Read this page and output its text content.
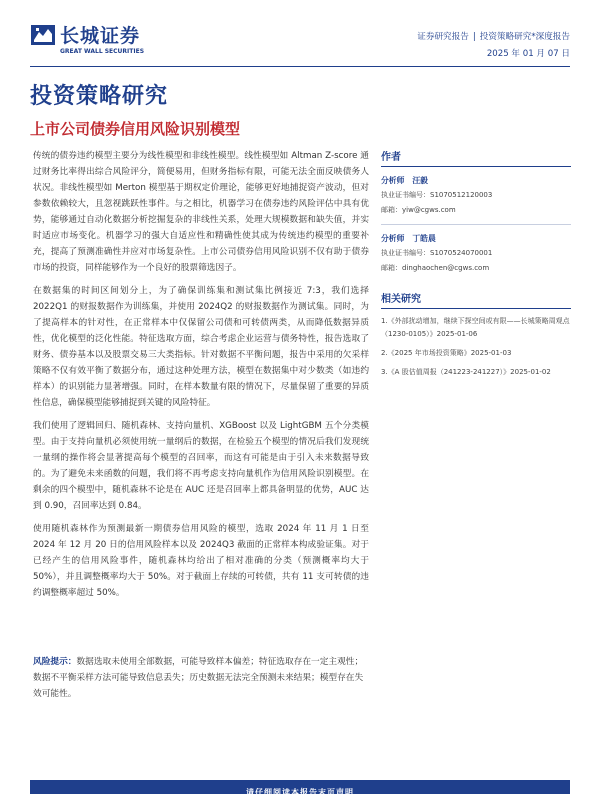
长城证券
GREAT WALL SECURITIES
证券研究报告 | 投资策略研究*深度报告
2025 年 01 月 07 日
投资策略研究
上市公司债券信用风险识别模型

传统的债券违约模型主要分为线性模型和非线性模型。线性模型如 Altman Z-score 通过财务比率得出综合风险评分，简便易用，但财务指标有限，可能无法全面反映债务人状况。非线性模型如 Merton 模型基于期权定价理论，能够更好地捕捉资产波动，但对参数依赖较大，且忽视跳跃性事件。与之相比，机器学习在债券违约风险评估中具有优势，能够通过自动化数据分析挖掘复杂的非线性关系，处理大规模数据和缺失值，并实时适应市场变化。机器学习的强大自适应性和精确性使其成为传统违约模型的重要补充，提高了预测准确性并应对市场复杂性。上市公司债券信用风险识别不仅有助于债券市场的投资，同样能够作为一个良好的股票筛选因子。

在数据集的时间区间划分上，为了确保训练集和测试集比例接近 7:3，我们选择 2022Q1 的财报数据作为训练集，并使用 2024Q2 的财报数据作为测试集。同时，为了提高样本的针对性，在正常样本中仅保留公司债和可转债两类，从而降低数据异质性，优化模型的泛化性能。特征选取方面，综合考虑企业运营与债务特性，报告选取了财务、债券基本以及股票交易三大类指标。针对数据不平衡问题，报告中采用的欠采样策略不仅有效平衡了数据分布，通过这种处理方法，模型在数据集中对少数类（如违约样本）的识别能力显著增强。同时，在样本数量有限的情况下，尽量保留了重要的异质性信息，确保模型能够捕捉到关键的风险特征。

我们使用了逻辑回归、随机森林、支持向量机、XGBoost 以及 LightGBM 五个分类模型。由于支持向量机必须使用统一量纲后的数据，在检验五个模型的情况后我们发现统一量纲的操作将会显著提高每个模型的召回率，而这有可能是由于引入未来数据导致的。为了避免未来函数的问题，我们将不再考虑支持向量机作为信用风险识别模型。在剩余的四个模型中，随机森林不论是在 AUC 还是召回率上都具备明显的优势，AUC 达到 0.90，召回率达到 0.84。

使用随机森林作为预测最新一期债券信用风险的模型，选取 2024 年 11 月 1 日至 2024 年 12 月 20 日的信用风险样本以及 2024Q3 截面的正常样本构成验证集。对于已经产生的信用风险事件，随机森林均给出了相对准确的分类（预测概率均大于 50%），并且调整概率均大于 50%。对于截面上存续的可转债，共有 11 支可转债的违约调整概率超过 50%。

风险提示：数据选取未使用全部数据，可能导致样本偏差；特征选取存在一定主观性；数据不平衡采样方法可能导致信息丢失；历史数据无法完全预测未来结果；模型存在失效可能性。
作者
分析师 汪毅
执业证书编号：S1070512120003
邮箱：yiw@cgws.com
分析师 丁皓晨
执业证书编号：S1070524070001
邮箱：dinghaochen@cgws.com
相关研究
1.《外部扰动增加，继续下探空间或有限——长城策略周观点（1230-0105）》2025-01-06
2.《2025 年市场投资策略》2025-01-03
3.《A 股估值周报（241223-241227）》2025-01-02
请仔细阅读本报告末页声明
